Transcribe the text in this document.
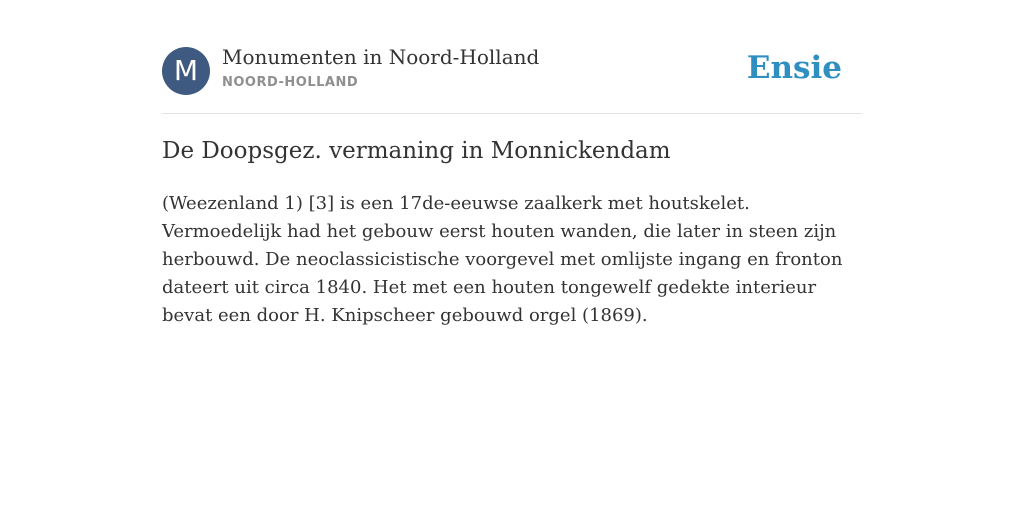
M	Monumenten in Noord-Holland
NOORD-HOLLAND	Ensie
De Doopsgez. vermaning in Monnickendam

(Weezenland 1) [3] is een 17de-eeuwse zaalkerk met houtskelet. Vermoedelijk had het gebouw eerst houten wanden, die later in steen zijn herbouwd. De neoclassicistische voorgevel met omlijste ingang en fronton dateert uit circa 1840. Het met een houten tongewelf gedekte interieur bevat een door H. Knipscheer gebouwd orgel (1869).
